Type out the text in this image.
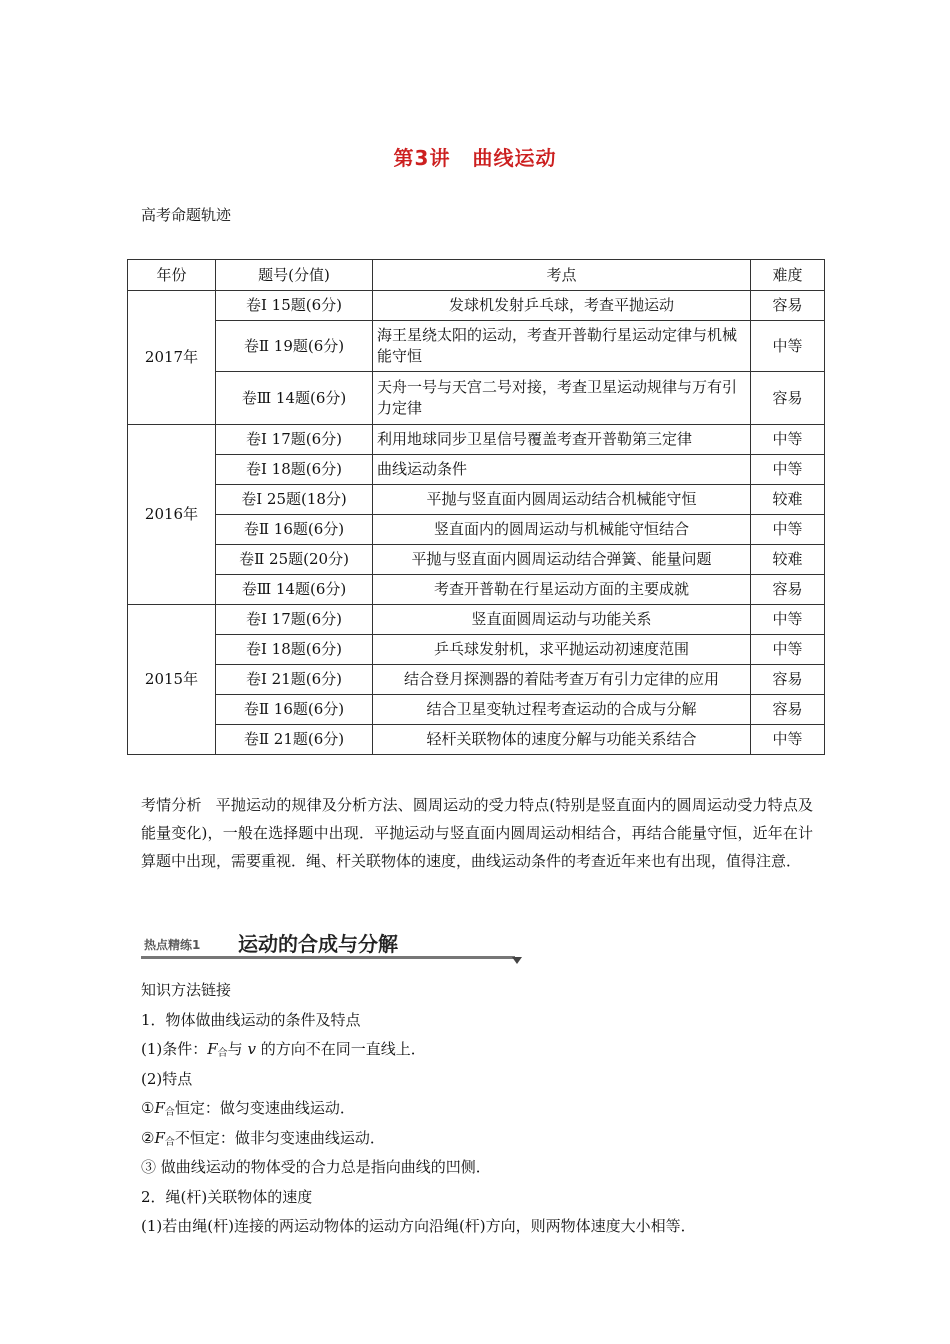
第3讲 曲线运动
高考命题轨迹
年份	题号(分值)	考点	难度
2017年	卷Ⅰ 15题(6分)	发球机发射乒乓球，考查平抛运动	容易
	卷Ⅱ 19题(6分)	海王星绕太阳的运动，考查开普勒行星运动定律与机械能守恒	中等
	卷Ⅲ 14题(6分)	天舟一号与天宫二号对接，考查卫星运动规律与万有引力定律	容易
2016年	卷Ⅰ 17题(6分)	利用地球同步卫星信号覆盖考查开普勒第三定律	中等
	卷Ⅰ 18题(6分)	曲线运动条件	中等
	卷Ⅰ 25题(18分)	平抛与竖直面内圆周运动结合机械能守恒	较难
	卷Ⅱ 16题(6分)	竖直面内的圆周运动与机械能守恒结合	中等
	卷Ⅱ 25题(20分)	平抛与竖直面内圆周运动结合弹簧、能量问题	较难
	卷Ⅲ 14题(6分)	考查开普勒在行星运动方面的主要成就	容易
2015年	卷Ⅰ 17题(6分)	竖直面圆周运动与功能关系	中等
	卷Ⅰ 18题(6分)	乒乓球发射机，求平抛运动初速度范围	中等
	卷Ⅰ 21题(6分)	结合登月探测器的着陆考查万有引力定律的应用	容易
	卷Ⅱ 16题(6分)	结合卫星变轨过程考查运动的合成与分解	容易
	卷Ⅱ 21题(6分)	轻杆关联物体的速度分解与功能关系结合	中等
考情分析 平抛运动的规律及分析方法、圆周运动的受力特点(特别是竖直面内的圆周运动受力特点及能量变化)，一般在选择题中出现．平抛运动与竖直面内圆周运动相结合，再结合能量守恒，近年在计算题中出现，需要重视．绳、杆关联物体的速度，曲线运动条件的考查近年来也有出现，值得注意．
热点精练1 运动的合成与分解
知识方法链接
1．物体做曲线运动的条件及特点
(1)条件：$F_合$与 v 的方向不在同一直线上．
(2)特点
$①F_合$恒定：做匀变速曲线运动．
$②F_合$不恒定：做非匀变速曲线运动．
③ 做曲线运动的物体受的合力总是指向曲线的凹侧．
2．绳(杆)关联物体的速度
(1)若由绳(杆)连接的两运动物体的运动方向沿绳(杆)方向，则两物体速度大小相等．
